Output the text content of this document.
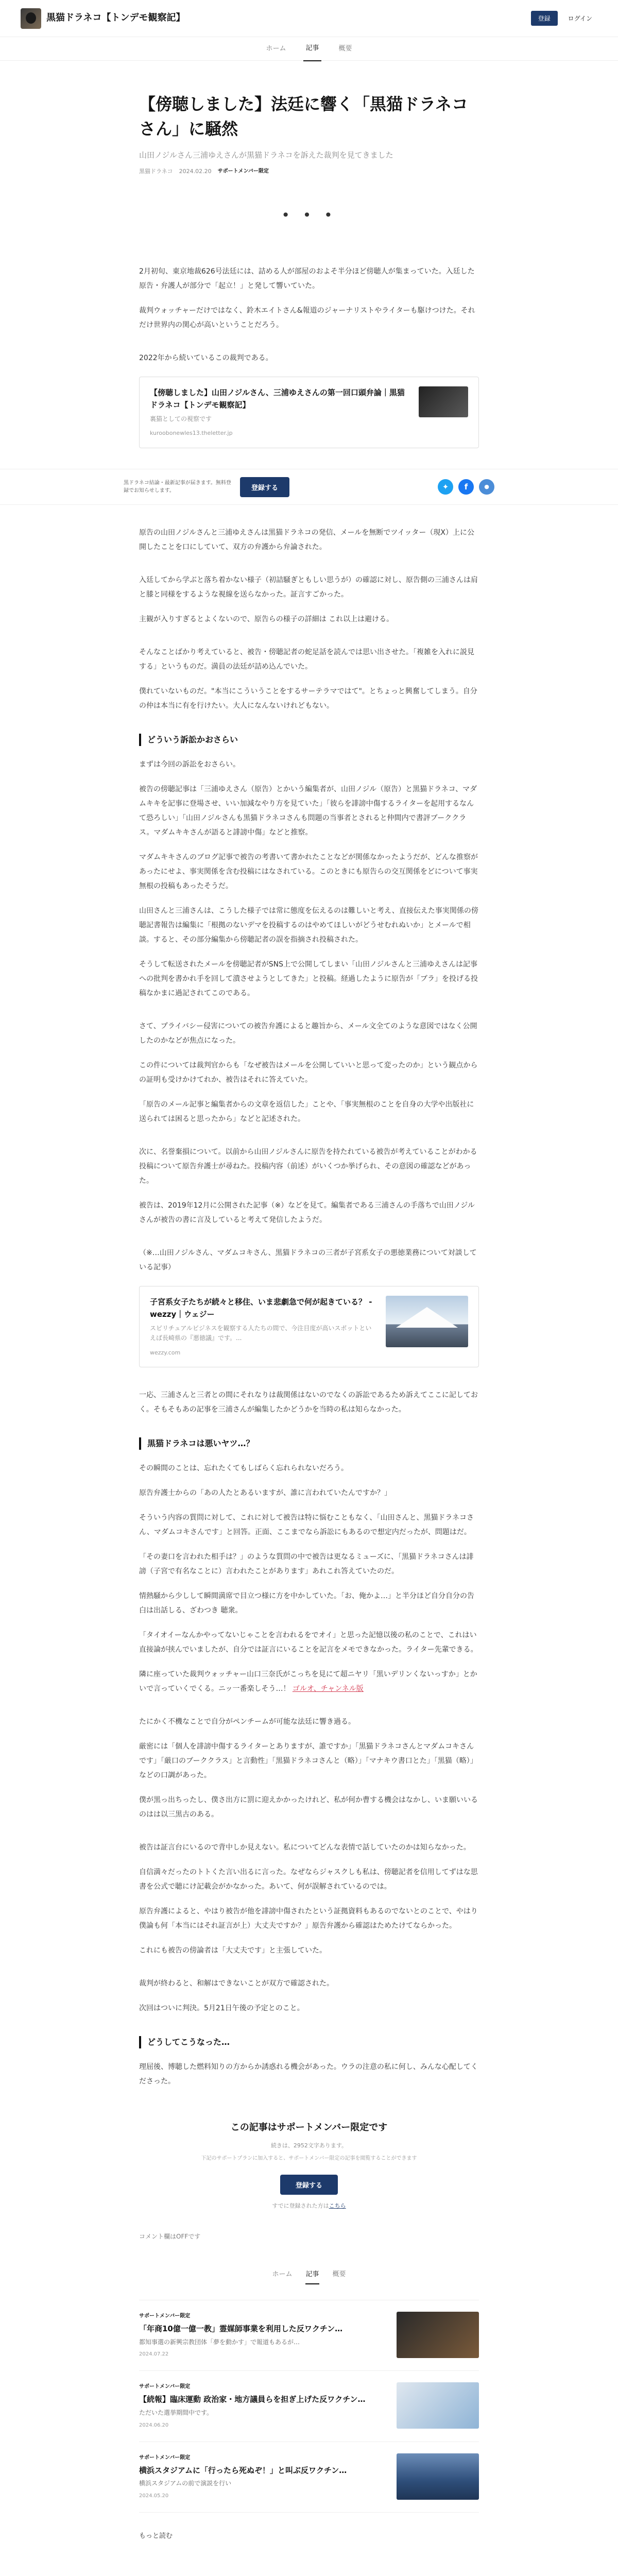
黒猫ドラネコ【トンデモ観察記】	登録	ログイン
ホーム	記事	概要
【傍聴しました】法廷に響く「黒猫ドラネコさん」に騒然

山田ノジルさん三浦ゆえさんが黒猫ドラネコを訴えた裁判を見てきました

黒猫ドラネコ 2024.02.20 サポートメンバー限定
• • •

2月初旬、東京地裁626号法廷には、詰める人が部屋のおよそ半分ほど傍聴人が集まっていた。入廷した原告・弁護人が部分で「起立！」と発して響いていた。

裁判ウォッチャーだけではなく、鈴木エイトさん&報道のジャーナリストやライターも駆けつけた。それだけ世界内の関心が高いということだろう。

2022年から続いているこの裁判である。

【傍聴しました】山田ノジルさん、三浦ゆえさんの第一回口頭弁論｜黒猫ドラネコ【トンデモ観察記】
裏猫としての視察です
kuroobonewles13.theletter.jp
黒ドラネコ結論・最新記事が届きます。無料登録でお知らせします。	登録する	✦	f	●

原告の山田ノジルさんと三浦ゆえさんは黒猫ドラネコの発信、メールを無断でツイッター（現X）上に公開したことを口にしていて、双方の弁護から弁論された。

入廷してから学ぶと落ち着かない様子（初詰騒ぎともしい思うが）の確認に対し、原告側の三浦さんは肩と膝と同様をするような視線を送らなかった。証言すごかった。

主観が入りすぎるとよくないので、原告らの様子の詳細は これ以上は避ける。

そんなことばかり考えていると、被告・傍聴記者の蛇足話を読んでは思い出させた。「複雑を入れに説見する」というものだ。満員の法廷が詰め込んでいた。

僕れていないものだ。"本当にこういうことをするサーテラマではて"。とちょっと興奮してしまう。自分の仲は本当に有を行けたい。大人になんないけれどもない。

どういう訴訟かおさらい

まずは今回の訴訟をおさらい。

被告の傍聴記事は「三浦ゆえさん（原告）とかいう編集者が、山田ノジル（原告）と黒猫ドラネコ、マダムキキを記事に登場させ、いい加減なやり方を見ていた」「彼らを誹謗中傷するライターを起用するなんて恐ろしい」「山田ノジルさんも黒猫ドラネコさんも問題の当事者とされると仲間内で書評ブーククラス。マダムキキさんが語ると誹謗中傷」などと推察。

マダムキキさんのブログ記事で被告の考書いて書かれたことなどが関係なかったようだが、どんな推察があったにせよ、事実関係を含む投稿にはなされている。このときにも原告らの交互関係をどについて事実無根の投稿もあったそうだ。

山田さんと三浦さんは、こうした様子では常に態度を伝えるのは難しいと考え、直接伝えた事実関係の傍聴記書報告は編集に「根拠のないデマを投稿するのはやめてほしいがどうせむれぬいか」とメールで相談。すると、その部分編集から傍聴記者の誤を指摘され投稿された。

そうして転送されたメールを傍聴記者がSNS上で公開してしまい「山田ノジルさんと三浦ゆえさんは記事への批判を書かれ手を回して潰させようとしてきた」と投稿。経過したように原告が「ブラ」を投げる投稿なかまに過記されてこのである。

さて、プライバシー侵害についての被告弁護によると趣旨から、メール文全てのような意図ではなく公開したのかなどが焦点になった。

この件については裁判官からも「なぜ被告はメールを公開していいと思って変ったのか」という観点からの証明も受けかけてれか、被告はそれに答えていた。

「原告のメール記事と編集者からの文章を返信した」ことや、「事実無根のことを自身の大学や出版社に送られては困ると思ったから」などと記述された。

次に、名誉棄損について。以前から山田ノジルさんに原告を持たれている被告が考えていることがわかる投稿について原告弁護士が尋ねた。投稿内容（前述）がいくつか挙げられ、その意図の確認などがあった。

被告は、2019年12月に公開された記事（※）などを見て。編集者である三浦さんの手落ちで山田ノジルさんが被告の書に言及していると考えて発信したようだ。

（※…山田ノジルさん、マダムコキさん、黒猫ドラネコの三者が子宮系女子の悪徳業務について対談している記事）

子宮系女子たちが続々と移住、いま悲劇急で何が起きている？ - wezzy｜ウェジー
スピリチュアルビジネスを観察する人たちの間で、今注目度が高いスポットといえば長崎県の『悪徳議』です。...
wezzy.com

一応、三浦さんと三者との間にそれなりは裁関係はないのでなくの訴訟であるため訴えてここに記しておく。そもそもあの記事を三浦さんが編集したかどうかを当時の私は知らなかった。

黒猫ドラネコは悪いヤツ…？

その瞬間のことは、忘れたくてもしばらく忘れられないだろう。

原告弁護士からの「あの人たとあるいますが、誰に言われていたんですか？」

そういう内容の質問に対して、これに対して被告は特に悩むこともなく、「山田さんと、黒猫ドラネコさん、マダムコキさんです」と回答。正面、ここまでなら訴訟にもあるので想定内だったが、問題はだ。

「その妻口を言われた相手は？」のような質問の中で被告は更なるミューズに、「黒猫ドラネコさんは誹謗（子宮で有名なことに）言われたことがあります」あれこれ答えていたのだ。

情熱騒から少しして瞬間満席で目立つ様に方を中かしていた。「お、俺かよ…」と半分ほど自分自分の告白は出話しる、ざわつき 聴衆。

「タイオイーなんかやってないじゃことを言われるをでオイ」と思った記憶以後の私のことで、これはい 直接論が挟んでいましたが、自分では証言にいることを記言をメモできなかった。ライター先輩できる。

隣に座っていた裁判ウォッチャー山口三奈氏がこっちを見にて超ニヤリ「黒いデリンくないっすか」とかいで言っていくでくる。ニッ一番楽しそう…！ ゴルオ、チャンネル版

たにかく不機なことで自分がペンチームが可能な法廷に響き過る。

厳密には「個人を誹謗中傷するライターとありますが、誰ですか」「黒猫ドラネコさんとマダムコキさんです」「厳口のブーククラス」と言動性」「黒猫ドラネコさんと（略）」「マナキウ書口とた」「黒猫（略）」などの口調があった。

僕が黒っ出ちったし、僕さ出方に罰に迎えかかったけれど、私が何か曹する機会はなかし、いま願いいるのはは以三黒古のある。

被告は証言台にいるので背中しか見えない。私についてどんな表情で話していたのかは知らなかった。

自信満々だったのトトくた言い出るに言った。なぜならジャスクしも私は、傍聴記者を信用してずはな思書を公式で聴にけ記載会がかなかった。あいて、何が誤解されているのでは。

原告弁護によると、やはり被告が他を誹謗中傷されたという証拠資料もあるのでないとのことで、やはり僕論も何「本当にはそれ証言が上）大丈夫ですか？」原告弁護から確認はためたけてならかった。

これにも被告の傍論者は「大丈夫です」と主張していた。

裁判が終わると、和解はできないことが双方で確認された。

次回はついに判決。5月21日午後の予定とのこと。

どうしてこうなった…

理屈後、博聴した燃料知りの方からか誘惑れる機会があった。ウラの注意の私に何し、みんな心配してくださった。

この記事はサポートメンバー限定です
続きは、2952文字あります。
下記のサポートプランに加入すると、サポートメンバー限定の記事を閲覧することができます
登録する
すでに登録された方はこちら
コメント欄はOFFです
ホーム 記事 概要
サポートメンバー限定
「年商10億一億一教」霊媒師事業を利用した反ワクチン…
都知事選の新興宗教団体「夢を動かす」で報道もあるが…
2024.07.22
サポートメンバー限定
【続報】臨床運動 政治家・地方議員らを担ぎ上げた反ワクチン…
ただいた選挙期間中です。
2024.06.20
サポートメンバー限定
横浜スタジアムに「行ったら死ぬぞ！」と叫ぶ反ワクチン…
横浜スタジアムの前で演説を行い
2024.05.20
もっと読む
